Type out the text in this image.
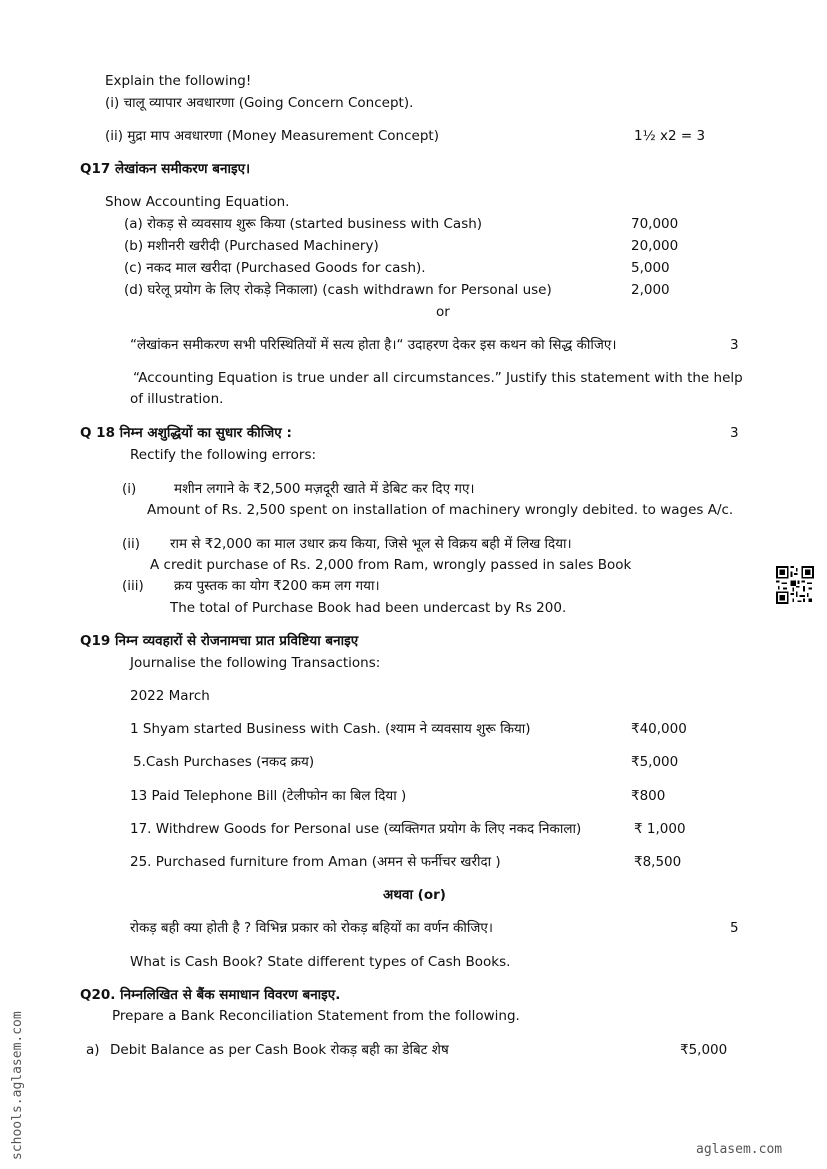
Explain the following!
(i) चालू व्यापार अवधारणा (Going Concern Concept).
(ii) मुद्रा माप अवधारणा (Money Measurement Concept)	1½ x2 = 3
Q17 लेखांकन समीकरण बनाइए।
Show Accounting Equation.
(a) रोकड़ से व्यवसाय शुरू किया (started business with Cash)	70,000
(b) मशीनरी खरीदी (Purchased Machinery)	20,000
(c) नकद माल खरीदा (Purchased Goods for cash).	5,000
(d) घरेलू प्रयोग के लिए रोकड़े निकाला) (cash withdrawn for Personal use)	2,000
or
“लेखांकन समीकरण सभी परिस्थितियों में सत्य होता है।“ उदाहरण देकर इस कथन को सिद्ध कीजिए।	3
“Accounting Equation is true under all circumstances.” Justify this statement with the help
of illustration.
Q 18 निम्न अशुद्धियों का सुधार कीजिए :	3
Rectify the following errors:
(i)	मशीन लगाने के ₹2,500 मज़दूरी खाते में डेबिट कर दिए गए।
Amount of Rs. 2,500 spent on installation of machinery wrongly debited. to wages A/c.
(ii) राम से ₹2,000 का माल उधार क्रय किया, जिसे भूल से विक्रय बही में लिख दिया।
A credit purchase of Rs. 2,000 from Ram, wrongly passed in sales Book
(iii) क्रय पुस्तक का योग ₹200 कम लग गया।
The total of Purchase Book had been undercast by Rs 200.
Q19 निम्न व्यवहारों से रोजनामचा प्रात प्रविष्टिया बनाइए
Journalise the following Transactions:
2022 March
1 Shyam started Business with Cash. (श्याम ने व्यवसाय शुरू किया)	₹40,000
5.Cash Purchases (नकद क्रय)	₹5,000
13 Paid Telephone Bill (टेलीफोन का बिल दिया )	₹800
17. Withdrew Goods for Personal use (व्यक्तिगत प्रयोग के लिए नकद निकाला)	₹ 1,000
25. Purchased furniture from Aman (अमन से फर्नीचर खरीदा )	₹8,500
अथवा (or)
रोकड़ बही क्या होती है ? विभिन्न प्रकार को रोकड़ बहियों का वर्णन कीजिए।	5
What is Cash Book? State different types of Cash Books.
Q20. निम्नलिखित से बैंक समाधान विवरण बनाइए.
Prepare a Bank Reconciliation Statement from the following.
a) Debit Balance as per Cash Book रोकड़ बही का डेबिट शेष	₹5,000
schools.aglasem.com	aglasem.com
